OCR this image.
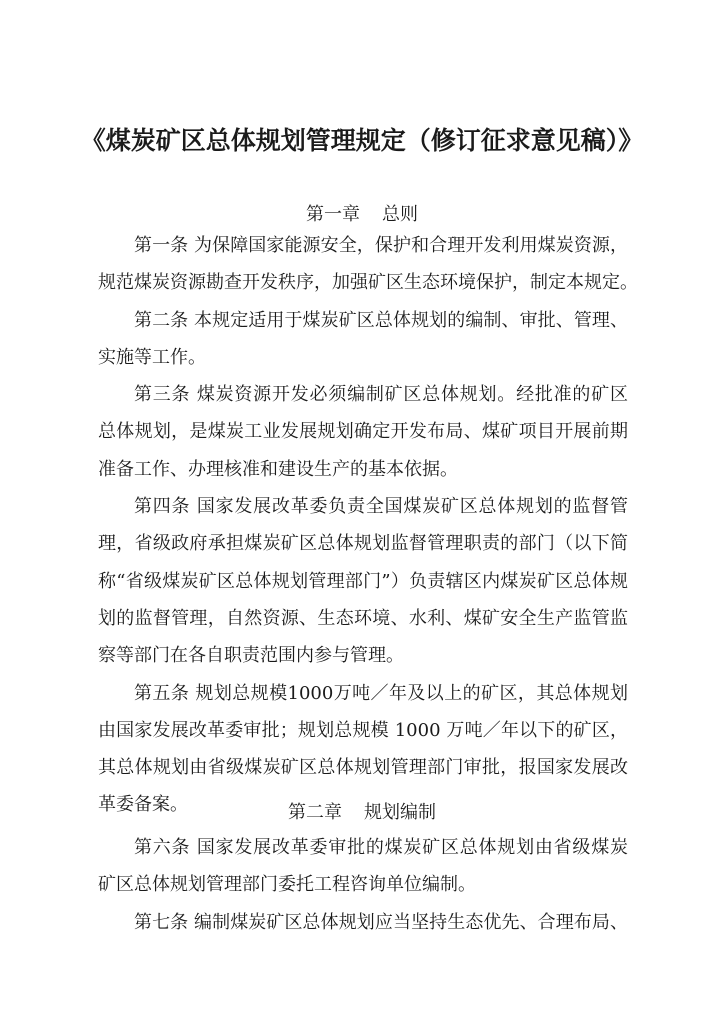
《煤炭矿区总体规划管理规定（修订征求意见稿）》
第一章 总则
第一条 为保障国家能源安全，保护和合理开发利用煤炭资源，
规范煤炭资源勘查开发秩序，加强矿区生态环境保护，制定本规定。
第二条 本规定适用于煤炭矿区总体规划的编制、审批、管理、
实施等工作。
第三条 煤炭资源开发必须编制矿区总体规划。经批准的矿区
总体规划，是煤炭工业发展规划确定开发布局、煤矿项目开展前期
准备工作、办理核准和建设生产的基本依据。
第四条 国家发展改革委负责全国煤炭矿区总体规划的监督管
理，省级政府承担煤炭矿区总体规划监督管理职责的部门（以下简
称“省级煤炭矿区总体规划管理部门”）负责辖区内煤炭矿区总体规
划的监督管理，自然资源、生态环境、水利、煤矿安全生产监管监
察等部门在各自职责范围内参与管理。
第五条 规划总规模1000万吨／年及以上的矿区，其总体规划
由国家发展改革委审批；规划总规模 1000 万吨／年以下的矿区，
其总体规划由省级煤炭矿区总体规划管理部门审批，报国家发展改
革委备案。	第二章 规划编制
第六条 国家发展改革委审批的煤炭矿区总体规划由省级煤炭
矿区总体规划管理部门委托工程咨询单位编制。
第七条 编制煤炭矿区总体规划应当坚持生态优先、合理布局、
